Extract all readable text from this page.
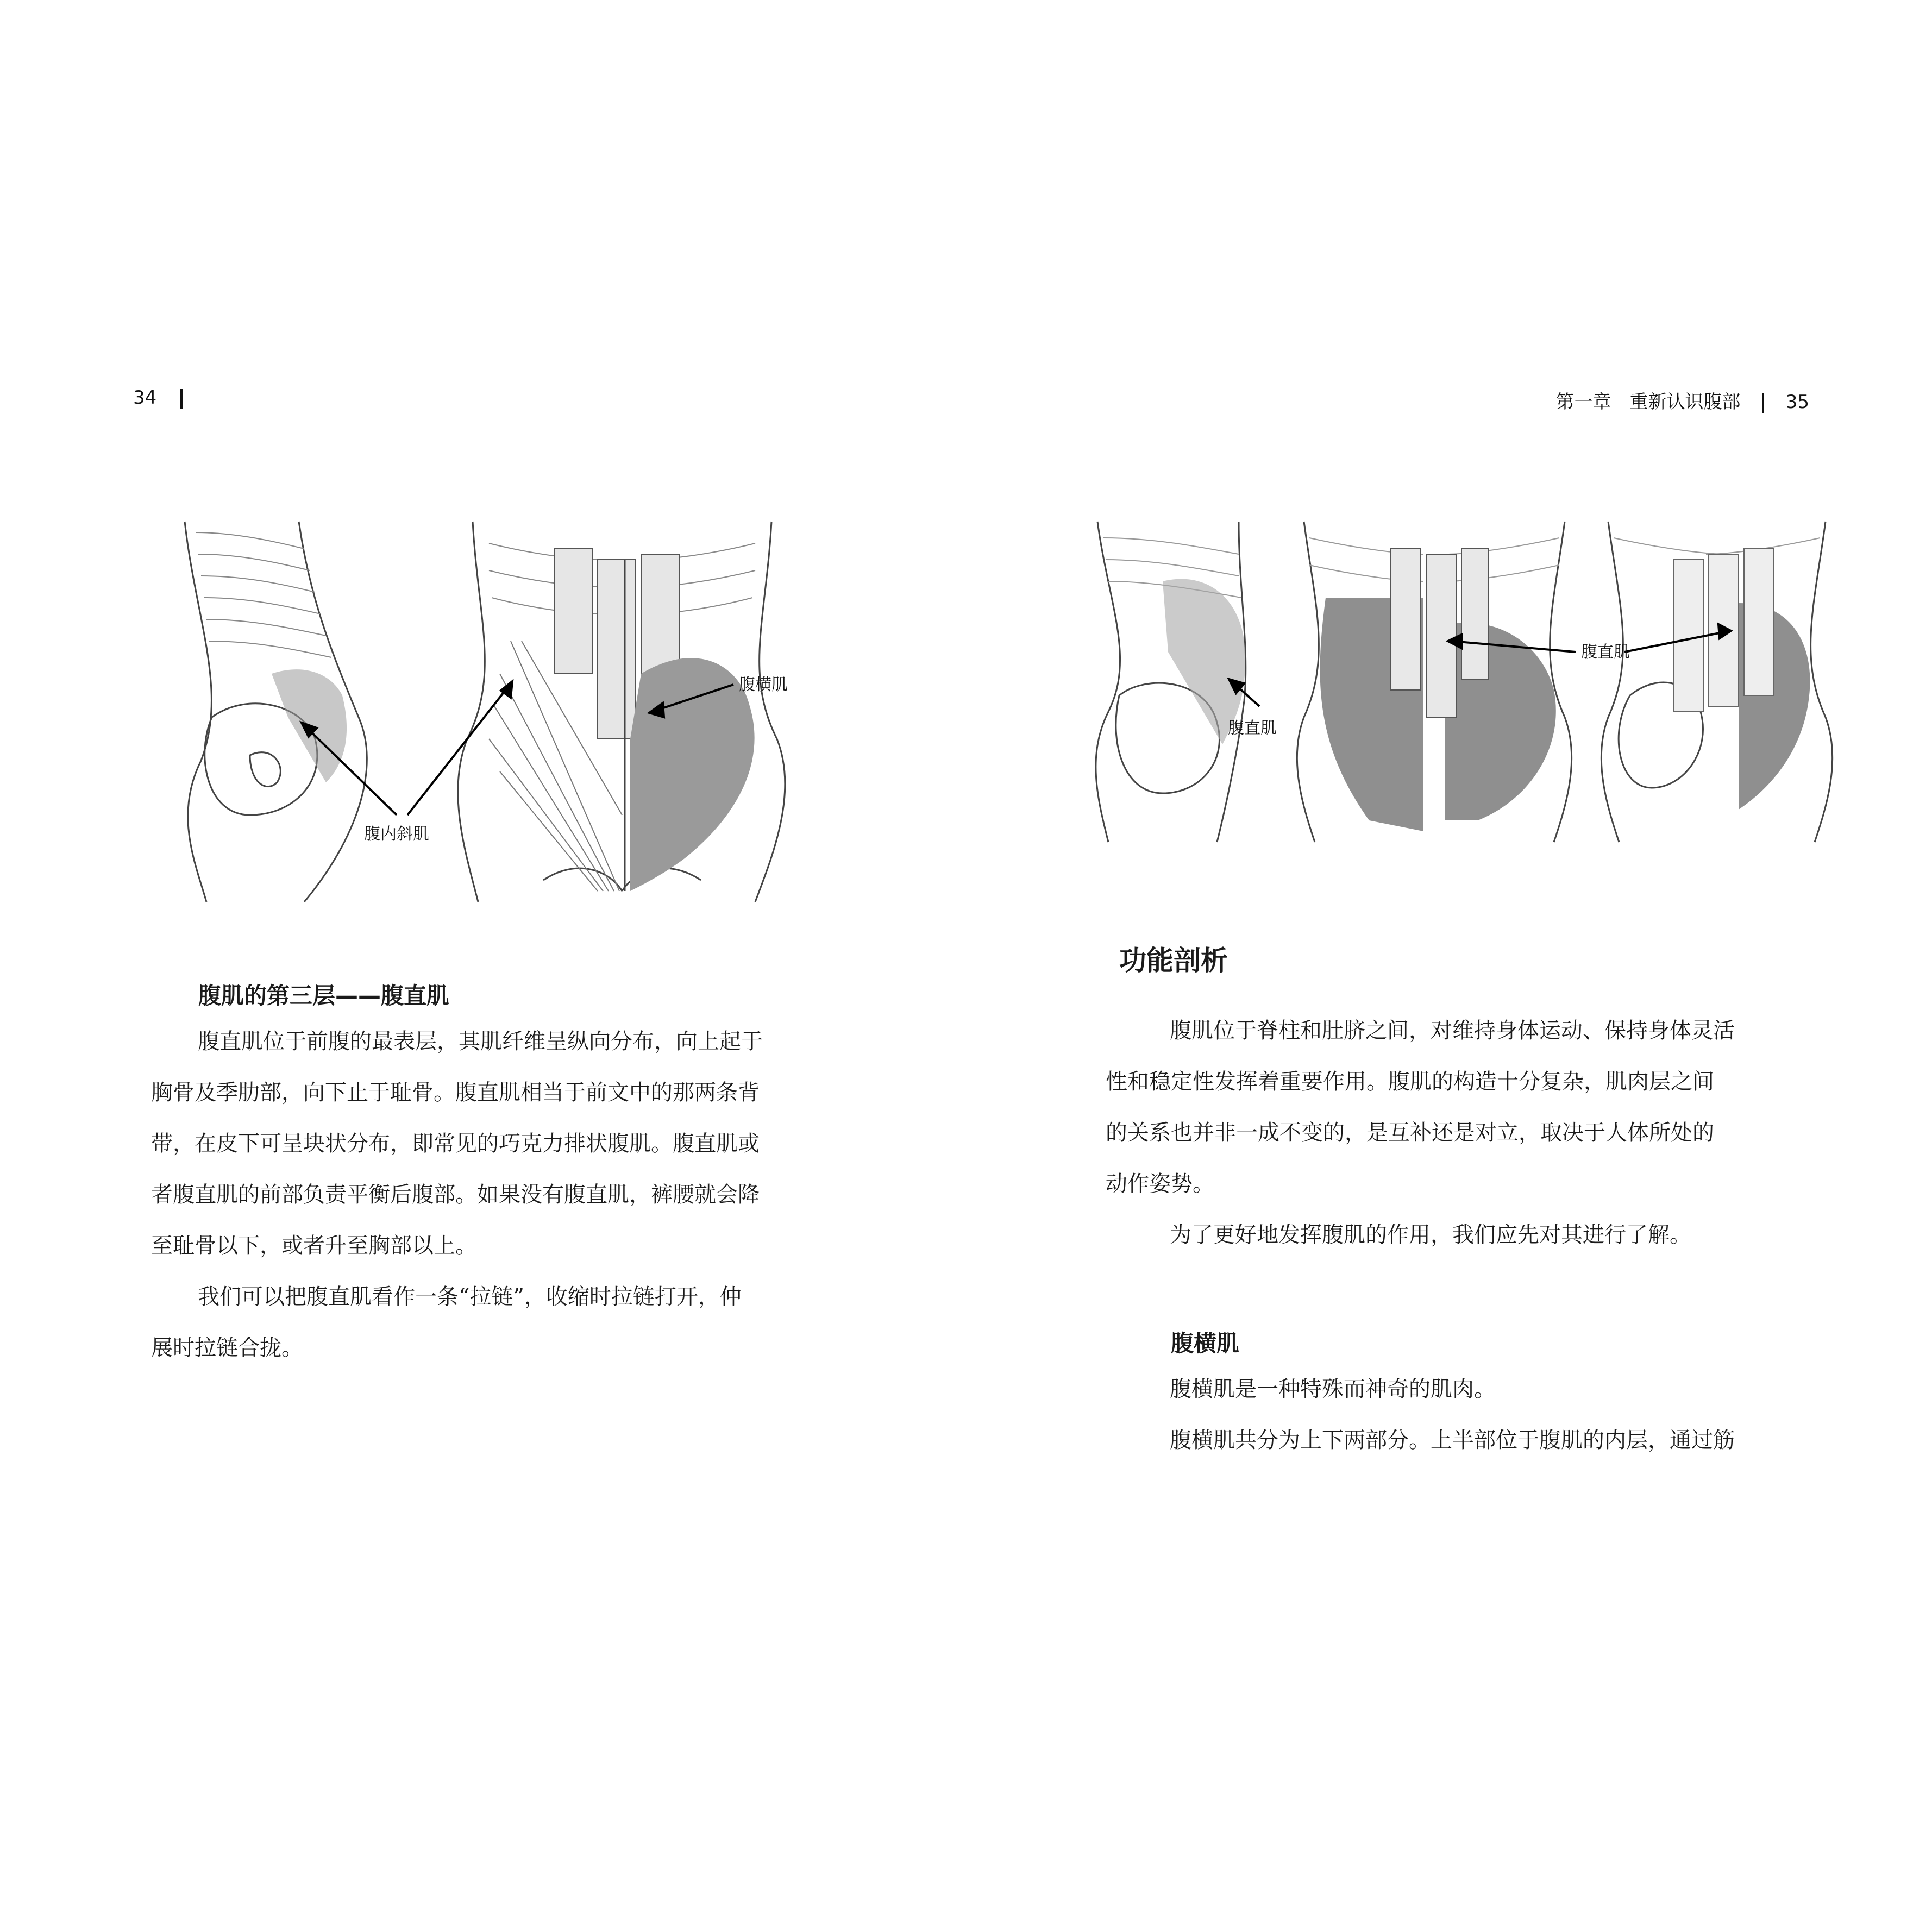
34	第一章　重新认识腹部 35
腹横肌
腹内斜肌
腹直肌
腹直肌
腹肌的第三层——腹直肌

腹直肌位于前腹的最表层，其肌纤维呈纵向分布，向上起于
胸骨及季肋部，向下止于耻骨。腹直肌相当于前文中的那两条背
带，在皮下可呈块状分布，即常见的巧克力排状腹肌。腹直肌或
者腹直肌的前部负责平衡后腹部。如果没有腹直肌，裤腰就会降
至耻骨以下，或者升至胸部以上。

我们可以把腹直肌看作一条“拉链”，收缩时拉链打开，仲
展时拉链合拢。

功能剖析

腹肌位于脊柱和肚脐之间，对维持身体运动、保持身体灵活
性和稳定性发挥着重要作用。腹肌的构造十分复杂，肌肉层之间
的关系也并非一成不变的，是互补还是对立，取决于人体所处的
动作姿势。

为了更好地发挥腹肌的作用，我们应先对其进行了解。

腹横肌

腹横肌是一种特殊而神奇的肌肉。

腹横肌共分为上下两部分。上半部位于腹肌的内层，通过筋
